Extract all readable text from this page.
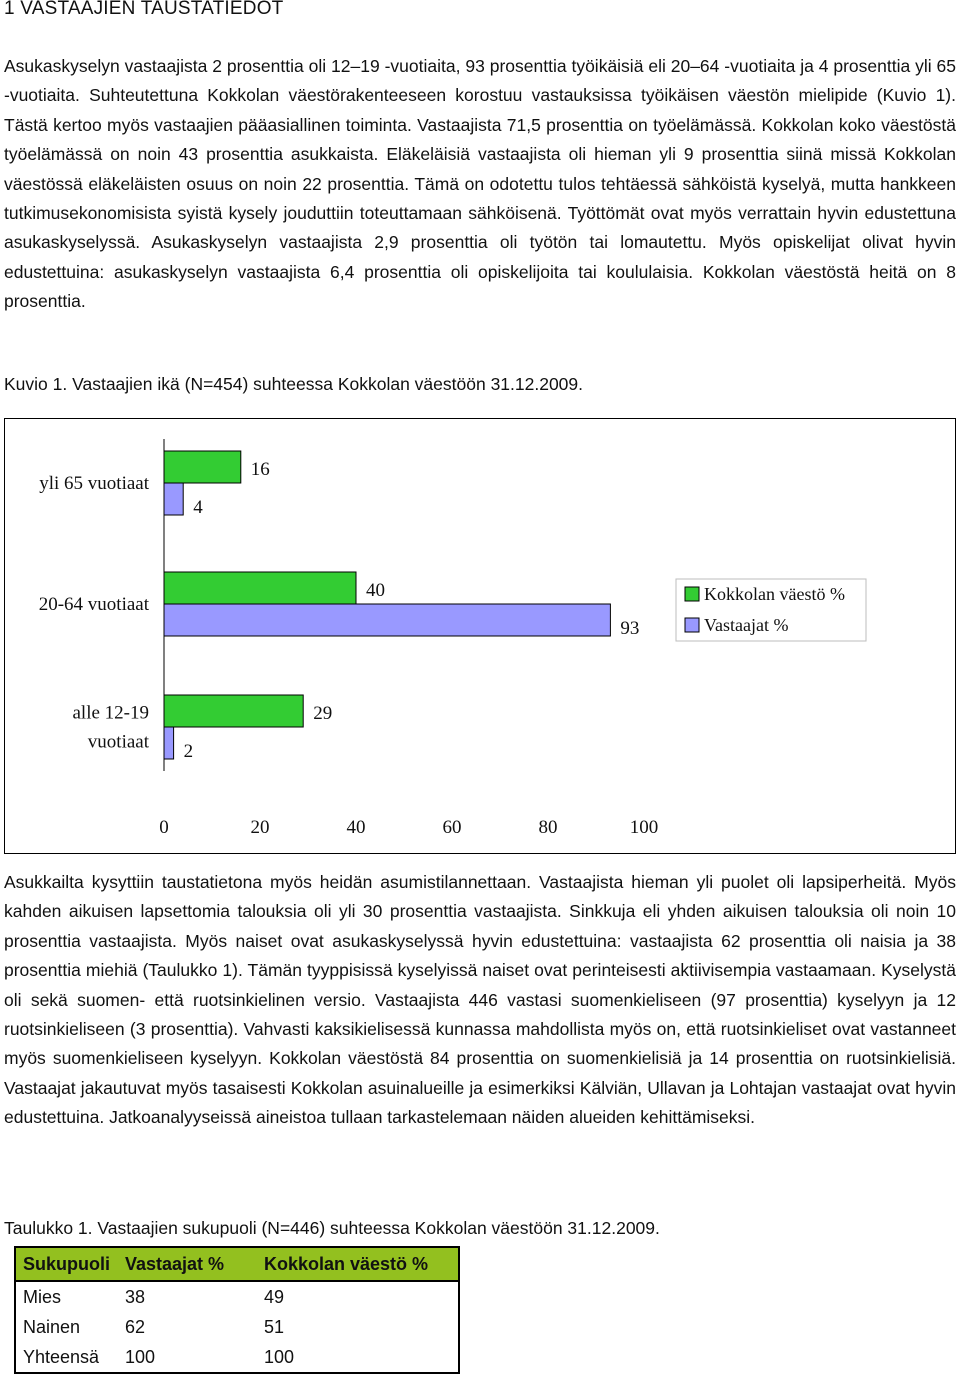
1 VASTAAJIEN TAUSTATIEDOT
Asukaskyselyn vastaajista 2 prosenttia oli 12–19 -vuotiaita, 93 prosenttia työikäisiä eli 20–64 -vuotiaita ja 4 prosenttia yli 65 -vuotiaita. Suhteutettuna Kokkolan väestörakenteeseen korostuu vastauksissa työikäisen väestön mielipide (Kuvio 1). Tästä kertoo myös vastaajien pääasiallinen toiminta. Vastaajista 71,5 prosenttia on työelämässä. Kokkolan koko väestöstä työelämässä on noin 43 prosenttia asukkaista. Eläkeläisiä vastaajista oli hieman yli 9 prosenttia siinä missä Kokkolan väestössä eläkeläisten osuus on noin 22 prosenttia. Tämä on odotettu tulos tehtäessä sähköistä kyselyä, mutta hankkeen tutkimusekonomisista syistä kysely jouduttiin toteuttamaan sähköisenä. Työttömät ovat myös verrattain hyvin edustettuna asukaskyselyssä. Asukaskyselyn vastaajista 2,9 prosenttia oli työtön tai lomautettu. Myös opiskelijat olivat hyvin edustettuina: asukaskyselyn vastaajista 6,4 prosenttia oli opiskelijoita tai koululaisia. Kokkolan väestöstä heitä on 8 prosenttia.
Kuvio 1. Vastaajien ikä (N=454) suhteessa Kokkolan väestöön 31.12.2009.
16
4
yli 65 vuotiaat
40
93
20-64 vuotiaat
29
2
alle 12-19
vuotiaat
0	20	40	60	80	100
Kokkolan väestö %
Vastaajat %
Asukkailta kysyttiin taustatietona myös heidän asumistilannettaan. Vastaajista hieman yli puolet oli lapsiperheitä. Myös kahden aikuisen lapsettomia talouksia oli yli 30 prosenttia vastaajista. Sinkkuja eli yhden aikuisen talouksia oli noin 10 prosenttia vastaajista. Myös naiset ovat asukaskyselyssä hyvin edustettuina: vastaajista 62 prosenttia oli naisia ja 38 prosenttia miehiä (Taulukko 1). Tämän tyyppisissä kyselyissä naiset ovat perinteisesti aktiivisempia vastaamaan. Kyselystä oli sekä suomen- että ruotsinkielinen versio. Vastaajista 446 vastasi suomenkieliseen (97 prosenttia) kyselyyn ja 12 ruotsinkieliseen (3 prosenttia). Vahvasti kaksikielisessä kunnassa mahdollista myös on, että ruotsinkieliset ovat vastanneet myös suomenkieliseen kyselyyn. Kokkolan väestöstä 84 prosenttia on suomenkielisiä ja 14 prosenttia on ruotsinkielisiä. Vastaajat jakautuvat myös tasaisesti Kokkolan asuinalueille ja esimerkiksi Kälviän, Ullavan ja Lohtajan vastaajat ovat hyvin edustettuina. Jatkoanalyyseissä aineistoa tullaan tarkastelemaan näiden alueiden kehittämiseksi.
Taulukko 1. Vastaajien sukupuoli (N=446) suhteessa Kokkolan väestöön 31.12.2009.
Sukupuoli	Vastaajat %	Kokkolan väestö %
Mies	38	49
Nainen	62	51
Yhteensä	100	100
